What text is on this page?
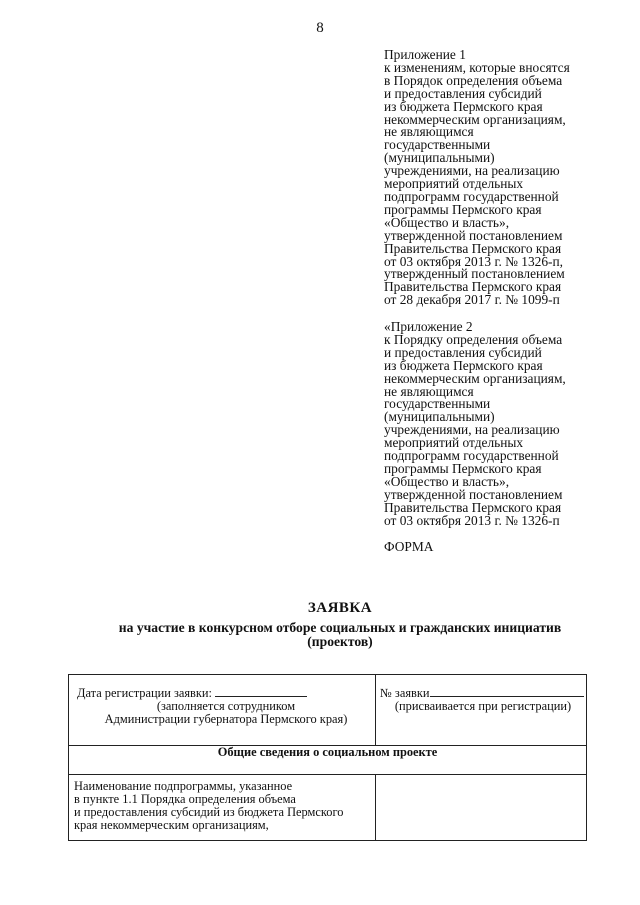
8
Приложение 1
к изменениям, которые вносятся
в Порядок определения объема
и предоставления субсидий
из бюджета Пермского края
некоммерческим организациям,
не являющимся
государственными
(муниципальными)
учреждениями, на реализацию
мероприятий отдельных
подпрограмм государственной
программы Пермского края
«Общество и власть»,
утвержденной постановлением
Правительства Пермского края
от 03 октября 2013 г. № 1326-п,
утвержденный постановлением
Правительства Пермского края
от 28 декабря 2017 г. № 1099-п
«Приложение 2
к Порядку определения объема
и предоставления субсидий
из бюджета Пермского края
некоммерческим организациям,
не являющимся
государственными
(муниципальными)
учреждениями, на реализацию
мероприятий отдельных
подпрограмм государственной
программы Пермского края
«Общество и власть»,
утвержденной постановлением
Правительства Пермского края
от 03 октября 2013 г. № 1326-п
ФОРМА
ЗАЯВКА
на участие в конкурсном отборе социальных и гражданских инициатив
(проектов)
Дата регистрации заявки:
(заполняется сотрудником
Администрации губернатора Пермского края)	№ заявки
(присваивается при регистрации)

Общие сведения о социальном проекте	

Наименование подпрограммы, указанное
в пункте 1.1 Порядка определения объема
и предоставления субсидий из бюджета Пермского
края некоммерческим организациям,	
